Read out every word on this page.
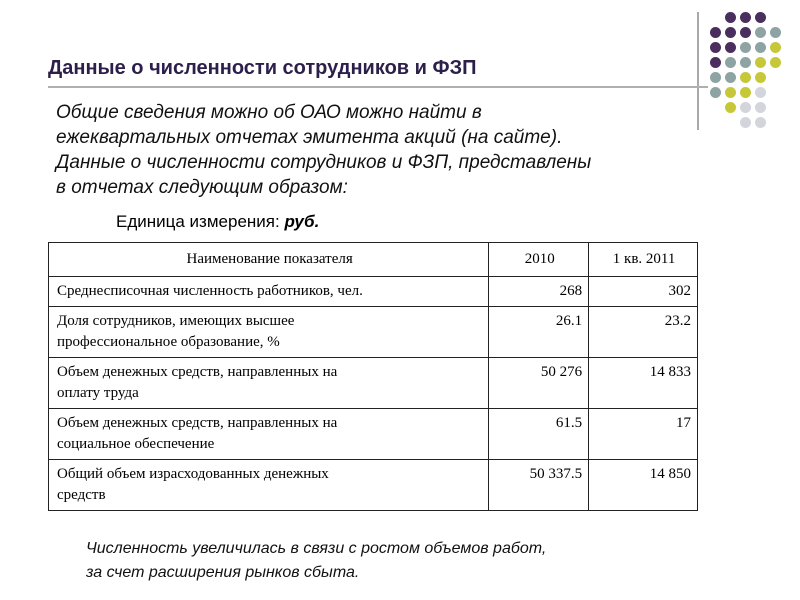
Данные о численности сотрудников и ФЗП

Общие сведения можно об ОАО можно найти в

ежеквартальных отчетах эмитента акций (на сайте).

Данные о численности сотрудников и ФЗП, представлены

в отчетах следующим образом:

Единица измерения: руб.
Наименование показателя	2010	1 кв. 2011
Среднесписочная численность работников, чел.	268	302
Доля сотрудников, имеющих высшее
профессиональное образование, %	26.1	23.2
Объем денежных средств, направленных на
оплату труда	50 276	14 833
Объем денежных средств, направленных на
социальное обеспечение	61.5	17
Общий объем израсходованных денежных
средств	50 337.5	14 850

Численность увеличилась в связи с ростом объемов работ,

за счет расширения рынков сбыта.
